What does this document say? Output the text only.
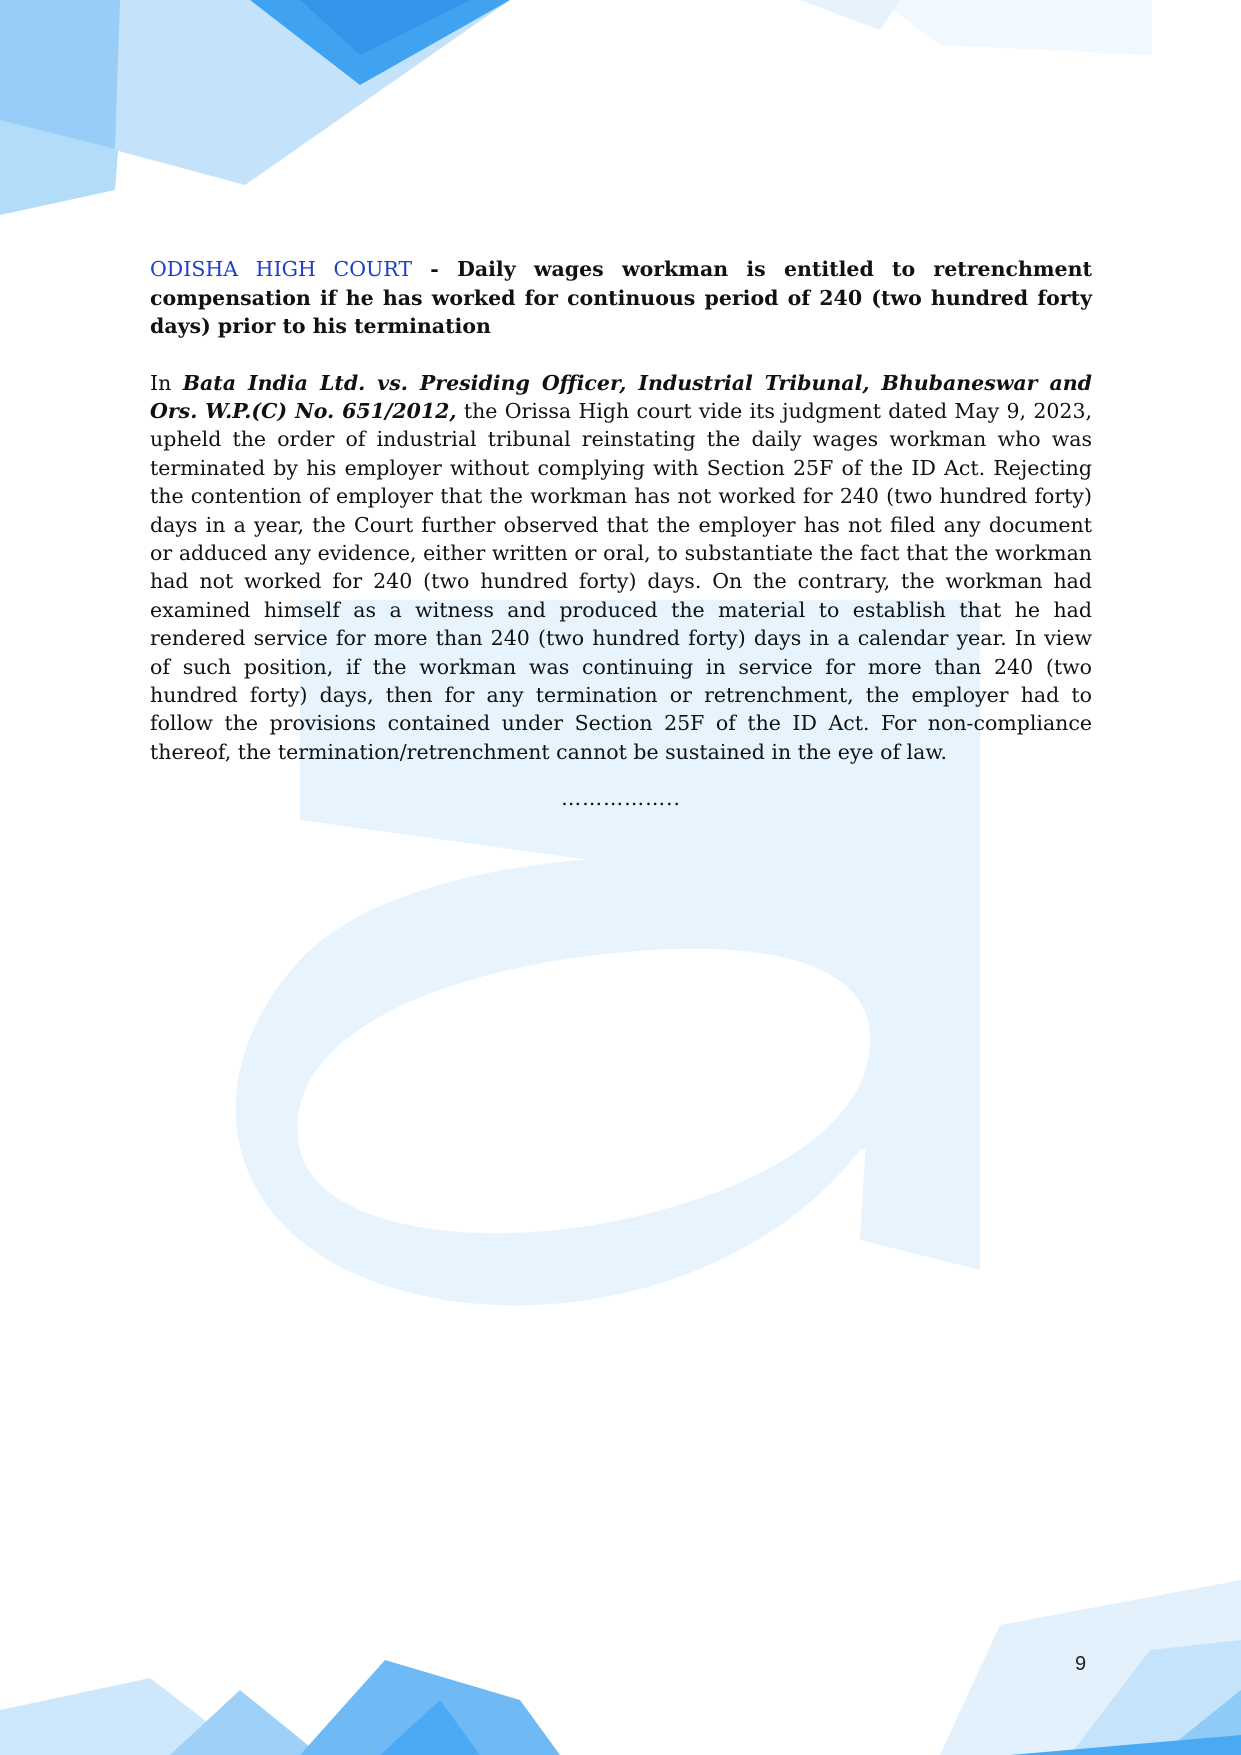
ODISHA HIGH COURT - Daily wages workman is entitled to retrenchment compensation if he has worked for continuous period of 240 (two hundred forty days) prior to his termination

In Bata India Ltd. vs. Presiding Officer, Industrial Tribunal, Bhubaneswar and Ors. W.P.(C) No. 651/2012, the Orissa High court vide its judgment dated May 9, 2023, upheld the order of industrial tribunal reinstating the daily wages workman who was terminated by his employer without complying with Section 25F of the ID Act. Rejecting the contention of employer that the workman has not worked for 240 (two hundred forty) days in a year, the Court further observed that the employer has not filed any document or adduced any evidence, either written or oral, to substantiate the fact that the workman had not worked for 240 (two hundred forty) days. On the contrary, the workman had examined himself as a witness and produced the material to establish that he had rendered service for more than 240 (two hundred forty) days in a calendar year. In view of such position, if the workman was continuing in service for more than 240 (two hundred forty) days, then for any termination or retrenchment, the employer had to follow the provisions contained under Section 25F of the ID Act. For non-compliance thereof, the termination/retrenchment cannot be sustained in the eye of law.

……………..
9
